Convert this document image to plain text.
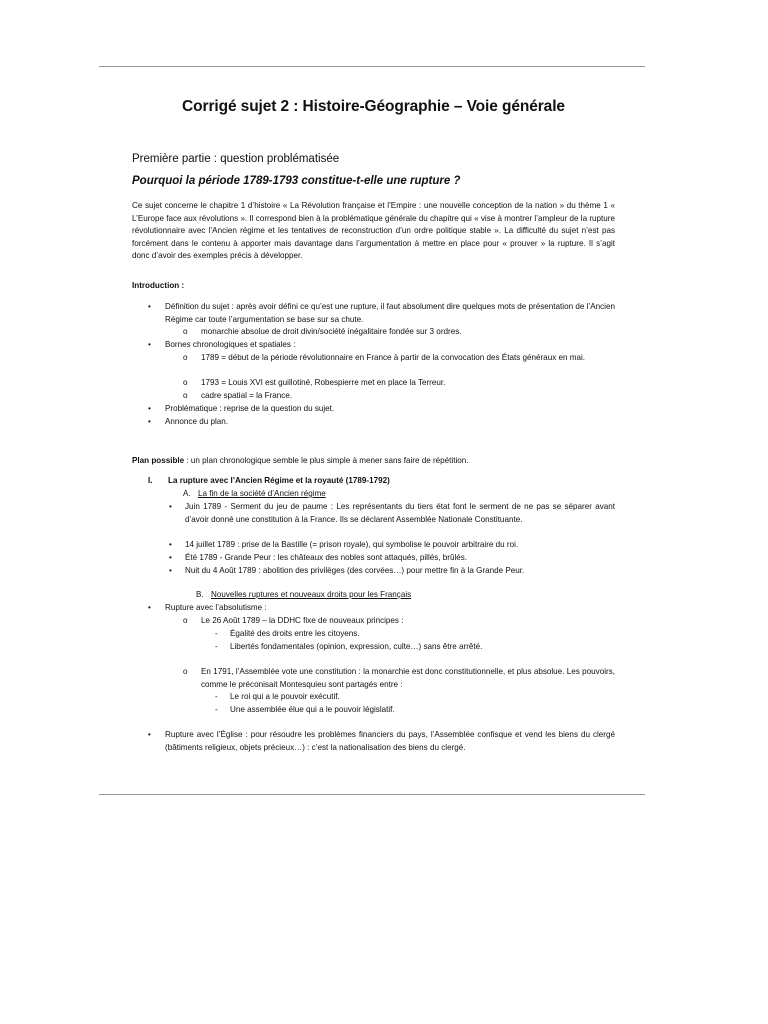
Corrigé sujet 2 : Histoire-Géographie – Voie générale
Première partie : question problématisée
Pourquoi la période 1789-1793 constitue-t-elle une rupture ?
Ce sujet concerne le chapitre 1 d’histoire « La Révolution française et l’Empire : une nouvelle conception de la nation » du thème 1 « L’Europe face aux révolutions ». Il correspond bien à la problématique générale du chapitre qui « vise à montrer l’ampleur de la rupture révolutionnaire avec l’Ancien régime et les tentatives de reconstruction d’un ordre politique stable ». La difficulté du sujet n’est pas forcément dans le contenu à apporter mais davantage dans l’argumentation à mettre en place pour « prouver » la rupture. Il s’agit donc d’avoir des exemples précis à développer.
Introduction :
• Définition du sujet : après avoir défini ce qu’est une rupture, il faut absolument dire quelques mots de présentation de l’Ancien Régime car toute l’argumentation se base sur sa chute.
o monarchie absolue de droit divin/société inégalitaire fondée sur 3 ordres.
• Bornes chronologiques et spatiales :
o 1789 = début de la période révolutionnaire en France à partir de la convocation des États généraux en mai.
o 1793 = Louis XVI est guillotiné, Robespierre met en place la Terreur.
o cadre spatial = la France.
• Problématique : reprise de la question du sujet.
• Annonce du plan.
Plan possible : un plan chronologique semble le plus simple à mener sans faire de répétition.
I. La rupture avec l’Ancien Régime et la royauté (1789-1792)
A. La fin de la société d’Ancien régime
• Juin 1789 - Serment du jeu de paume : Les représentants du tiers état font le serment de ne pas se séparer avant d’avoir donné une constitution à la France. Ils se déclarent Assemblée Nationale Constituante.
• 14 juillet 1789 : prise de la Bastille (= prison royale), qui symbolise le pouvoir arbitraire du roi.
• Été 1789 - Grande Peur : les châteaux des nobles sont attaqués, pillés, brûlés.
• Nuit du 4 Août 1789 : abolition des privilèges (des corvées…) pour mettre fin à la Grande Peur.
B. Nouvelles ruptures et nouveaux droits pour les Français
• Rupture avec l’absolutisme :
o Le 26 Août 1789 – la DDHC fixe de nouveaux principes :
- Égalité des droits entre les citoyens.
- Libertés fondamentales (opinion, expression, culte…) sans être arrêté.
o En 1791, l’Assemblée vote une constitution : la monarchie est donc constitutionnelle, et plus absolue. Les pouvoirs, comme le préconisait Montesquieu sont partagés entre :
- Le roi qui a le pouvoir exécutif.
- Une assemblée élue qui a le pouvoir législatif.
• Rupture avec l’Église : pour résoudre les problèmes financiers du pays, l’Assemblée confisque et vend les biens du clergé (bâtiments religieux, objets précieux…) : c’est la nationalisation des biens du clergé.
